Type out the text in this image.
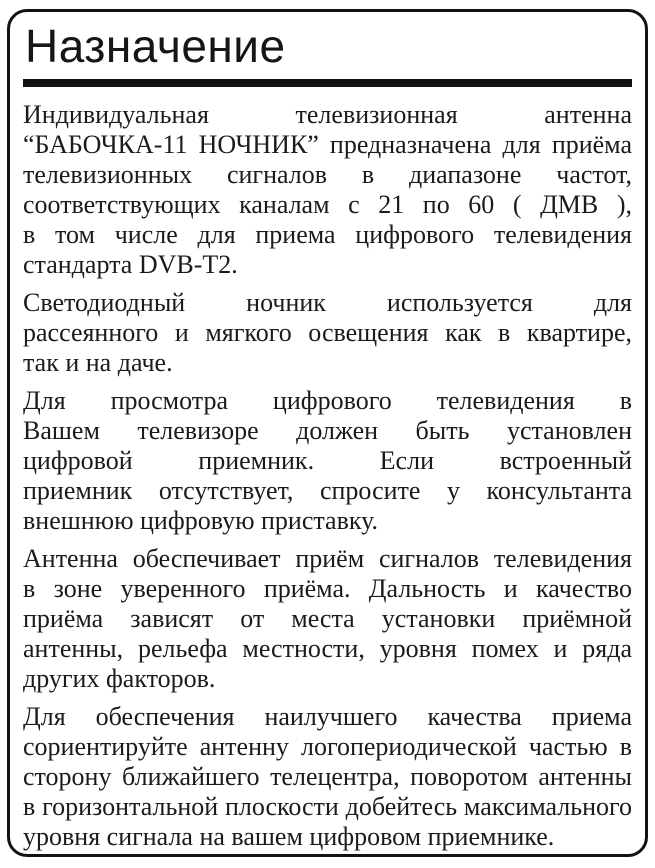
Назначение

Индивидуальная телевизионная антенна
“БАБОЧКА-11 НОЧНИК” предназначена для приёма
телевизионных сигналов в диапазоне частот,
соответствующих каналам с 21 по 60 ( ДМВ ),
в том числе для приема цифрового телевидения
стандарта DVB-T2.

Светодиодный ночник используется для
рассеянного и мягкого освещения как в квартире,
так и на даче.

Для просмотра цифрового телевидения в
Вашем телевизоре должен быть установлен
цифровой приемник. Если встроенный
приемник отсутствует, спросите у консультанта
внешнюю цифровую приставку.

Антенна обеспечивает приём сигналов телевидения
в зоне уверенного приёма. Дальность и качество
приёма зависят от места установки приёмной
антенны, рельефа местности, уровня помех и ряда
других факторов.

Для обеспечения наилучшего качества приема
сориентируйте антенну логопериодической частью в
сторону ближайшего телецентра, поворотом антенны
в горизонтальной плоскости добейтесь максимального
уровня сигнала на вашем цифровом приемнике.
